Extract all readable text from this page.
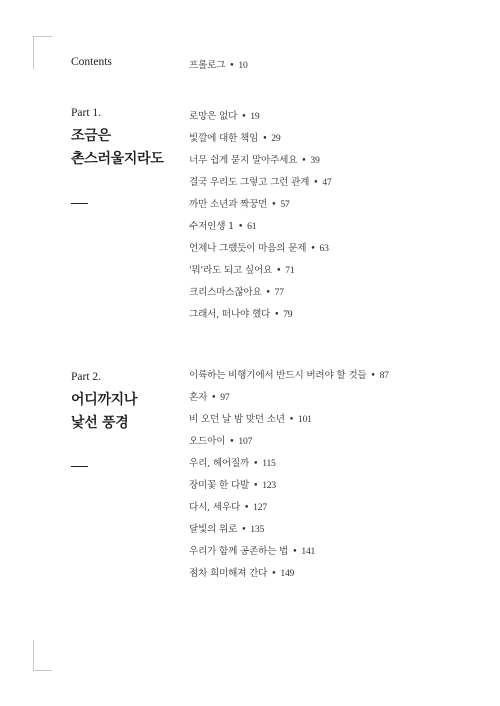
Contents	프롤로그 • 10
Part 1.
조금은
촌스러울지라도
로망은 없다 • 19
빛깔에 대한 책임 • 29
너무 쉽게 묻지 말아주세요 • 39
결국 우리도 그렇고 그런 관계 • 47
까만 소년과 짝꿍먼 • 57
수저인생 1 • 61
언제나 그랬듯이 마음의 문제 • 63
'뭐'라도 되고 싶어요 • 71
크리스마스잖아요 • 77
그래서, 떠나야 했다 • 79
Part 2.
어디까지나
낯선 풍경
이륙하는 비행기에서 반드시 버려야 할 것들 • 87
혼자 • 97
비 오던 날 밤 맞던 소년 • 101
오드아이 • 107
우리, 헤어질까 • 115
장미꽃 한 다발 • 123
다시, 세우다 • 127
달빛의 위로 • 135
우리가 함께 공존하는 법 • 141
점차 희미해져 간다 • 149
